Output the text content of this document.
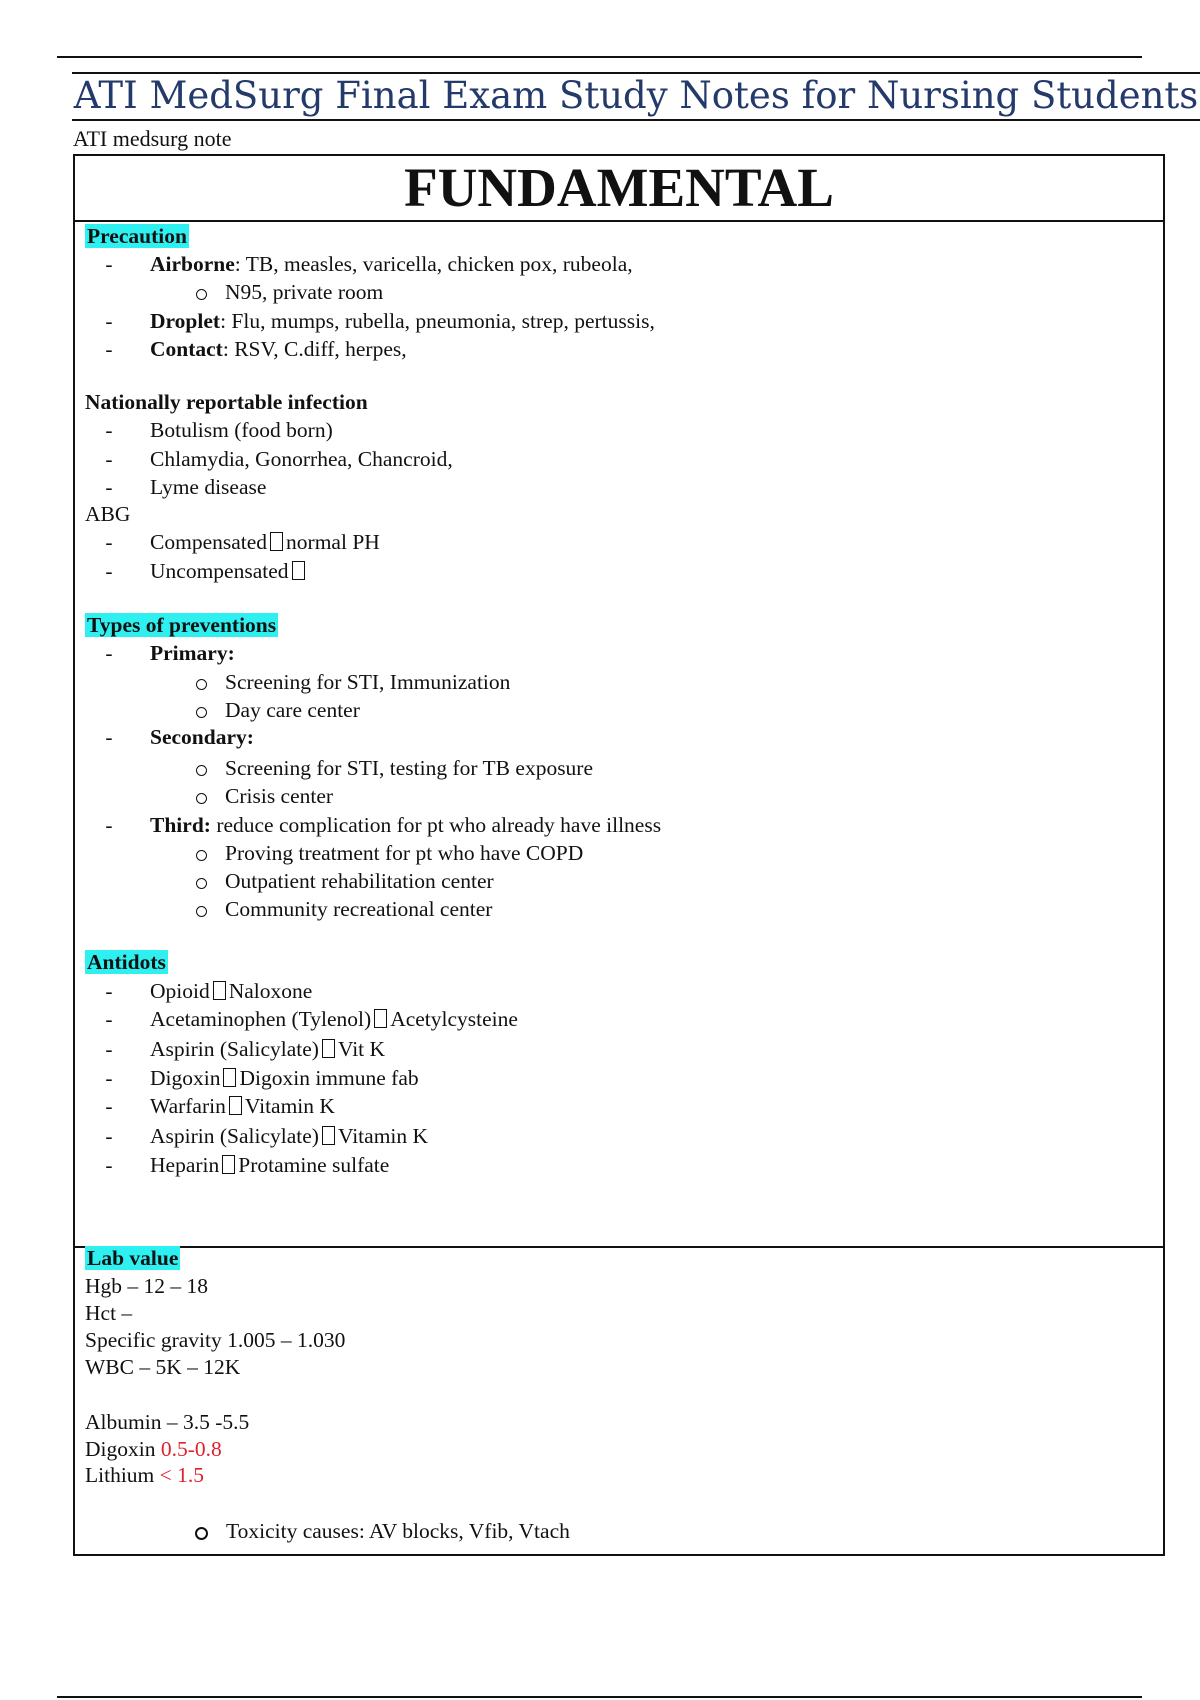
ATI MedSurg Final Exam Study Notes for Nursing Students
ATI medsurg note
FUNDAMENTAL
Precaution
-	Airborne: TB, measles, varicella, chicken pox, rubeola,
N95, private room
-	Droplet: Flu, mumps, rubella, pneumonia, strep, pertussis,
-	Contact: RSV, C.diff, herpes,
Nationally reportable infection
-	Botulism (food born)
-	Chlamydia, Gonorrhea, Chancroid,
-	Lyme disease
ABG
-	Compensated normal PH
-	Uncompensated
Types of preventions
-	Primary:
Screening for STI, Immunization
Day care center
-	Secondary:
Screening for STI, testing for TB exposure
Crisis center
-	Third: reduce complication for pt who already have illness
Proving treatment for pt who have COPD
Outpatient rehabilitation center
Community recreational center
Antidots
-	Opioid Naloxone
-	Acetaminophen (Tylenol) Acetylcysteine
-	Aspirin (Salicylate) Vit K
-	Digoxin Digoxin immune fab
-	Warfarin Vitamin K
-	Aspirin (Salicylate) Vitamin K
-	Heparin Protamine sulfate
Lab value
Hgb – 12 – 18
Hct –
Specific gravity 1.005 – 1.030
WBC – 5K – 12K
Albumin – 3.5 -5.5
Digoxin 0.5-0.8
Lithium < 1.5
Toxicity causes: AV blocks, Vfib, Vtach
